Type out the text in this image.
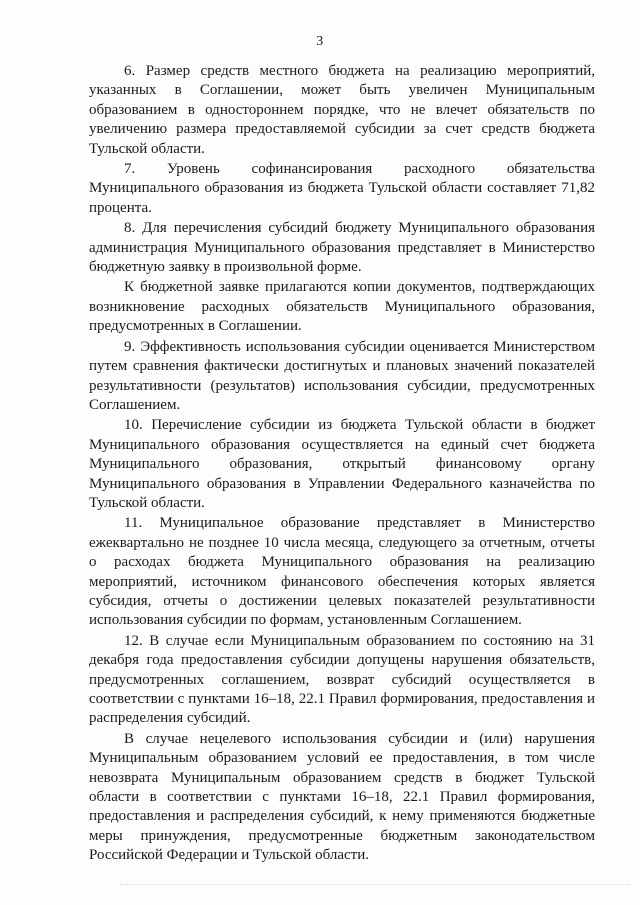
3

6. Размер средств местного бюджета на реализацию мероприятий, указанных в Соглашении, может быть увеличен Муниципальным образованием в одностороннем порядке, что не влечет обязательств по увеличению размера предоставляемой субсидии за счет средств бюджета Тульской области.

7. Уровень софинансирования расходного обязательства Муниципального образования из бюджета Тульской области составляет 71,82 процента.

8. Для перечисления субсидий бюджету Муниципального образования администрация Муниципального образования представляет в Министерство бюджетную заявку в произвольной форме.

К бюджетной заявке прилагаются копии документов, подтверждающих возникновение расходных обязательств Муниципального образования, предусмотренных в Соглашении.

9. Эффективность использования субсидии оценивается Министерством путем сравнения фактически достигнутых и плановых значений показателей результативности (результатов) использования субсидии, предусмотренных Соглашением.

10. Перечисление субсидии из бюджета Тульской области в бюджет Муниципального образования осуществляется на единый счет бюджета Муниципального образования, открытый финансовому органу Муниципального образования в Управлении Федерального казначейства по Тульской области.

11. Муниципальное образование представляет в Министерство ежеквартально не позднее 10 числа месяца, следующего за отчетным, отчеты о расходах бюджета Муниципального образования на реализацию мероприятий, источником финансового обеспечения которых является субсидия, отчеты о достижении целевых показателей результативности использования субсидии по формам, установленным Соглашением.

12. В случае если Муниципальным образованием по состоянию на 31 декабря года предоставления субсидии допущены нарушения обязательств, предусмотренных соглашением, возврат субсидий осуществляется в соответствии с пунктами 16–18, 22.1 Правил формирования, предоставления и распределения субсидий.

В случае нецелевого использования субсидии и (или) нарушения Муниципальным образованием условий ее предоставления, в том числе невозврата Муниципальным образованием средств в бюджет Тульской области в соответствии с пунктами 16–18, 22.1 Правил формирования, предоставления и распределения субсидий, к нему применяются бюджетные меры принуждения, предусмотренные бюджетным законодательством Российской Федерации и Тульской области.
